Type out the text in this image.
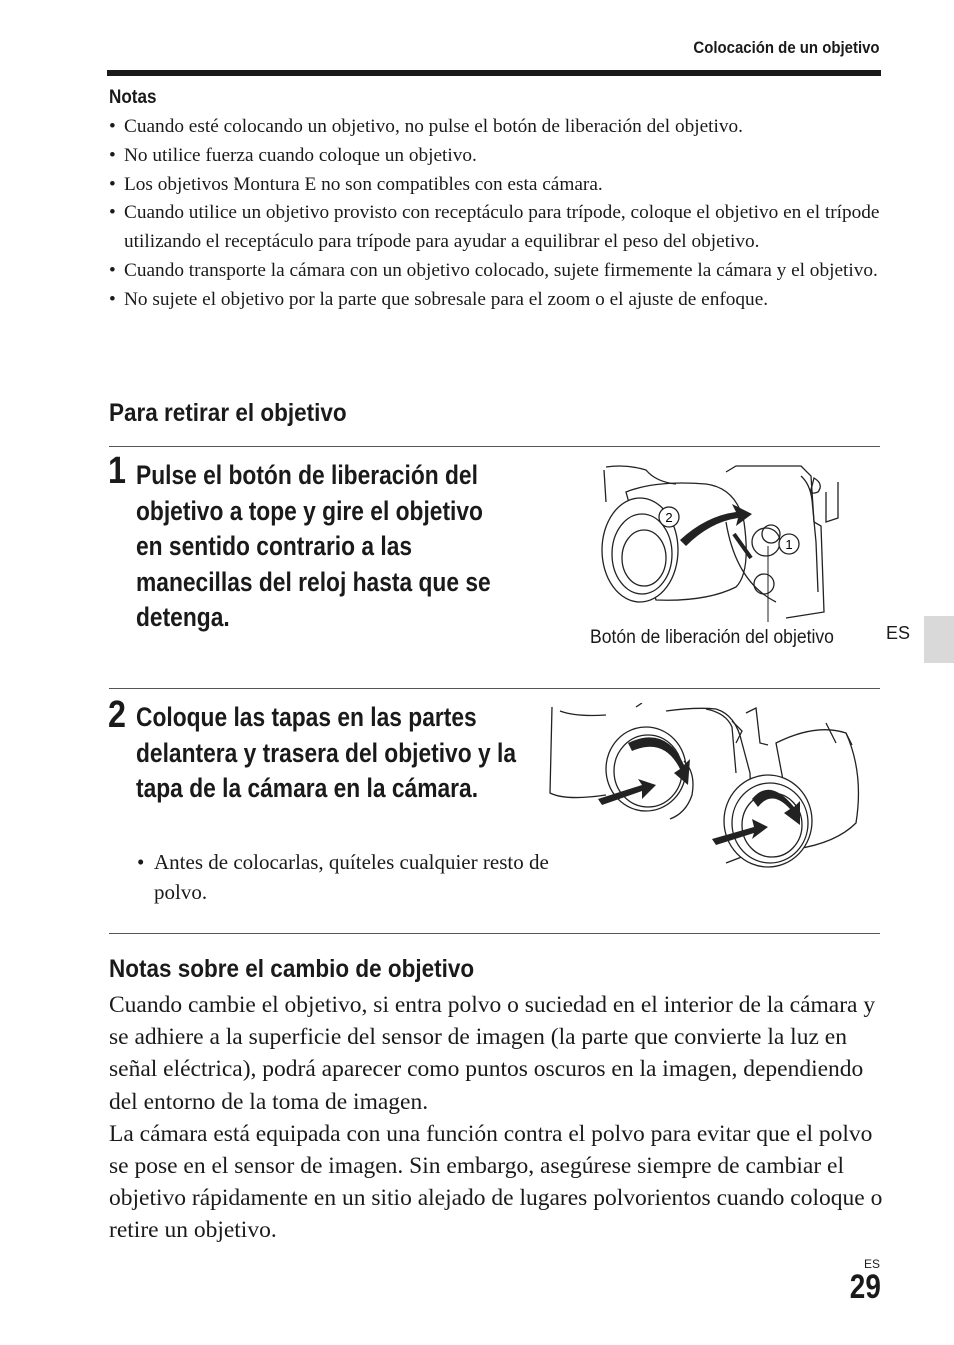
Colocación de un objetivo
Notas
• Cuando esté colocando un objetivo, no pulse el botón de liberación del objetivo.
• No utilice fuerza cuando coloque un objetivo.
• Los objetivos Montura E no son compatibles con esta cámara.
• Cuando utilice un objetivo provisto con receptáculo para trípode, coloque el objetivo en el trípode utilizando el receptáculo para trípode para ayudar a equilibrar el peso del objetivo.
• Cuando transporte la cámara con un objetivo colocado, sujete firmemente la cámara y el objetivo.
• No sujete el objetivo por la parte que sobresale para el zoom o el ajuste de enfoque.
Para retirar el objetivo
1 Pulse el botón de liberación del objetivo a tope y gire el objetivo en sentido contrario a las manecillas del reloj hasta que se detenga.
2
1
Botón de liberación del objetivo	ES
2 Coloque las tapas en las partes delantera y trasera del objetivo y la tapa de la cámara en la cámara.
• Antes de colocarlas, quíteles cualquier resto de polvo.
Notas sobre el cambio de objetivo

Cuando cambie el objetivo, si entra polvo o suciedad en el interior de la cámara y se adhiere a la superficie del sensor de imagen (la parte que convierte la luz en señal eléctrica), podrá aparecer como puntos oscuros en la imagen, dependiendo del entorno de la toma de imagen.

La cámara está equipada con una función contra el polvo para evitar que el polvo se pose en el sensor de imagen. Sin embargo, asegúrese siempre de cambiar el objetivo rápidamente en un sitio alejado de lugares polvorientos cuando coloque o retire un objetivo.

ES
29
